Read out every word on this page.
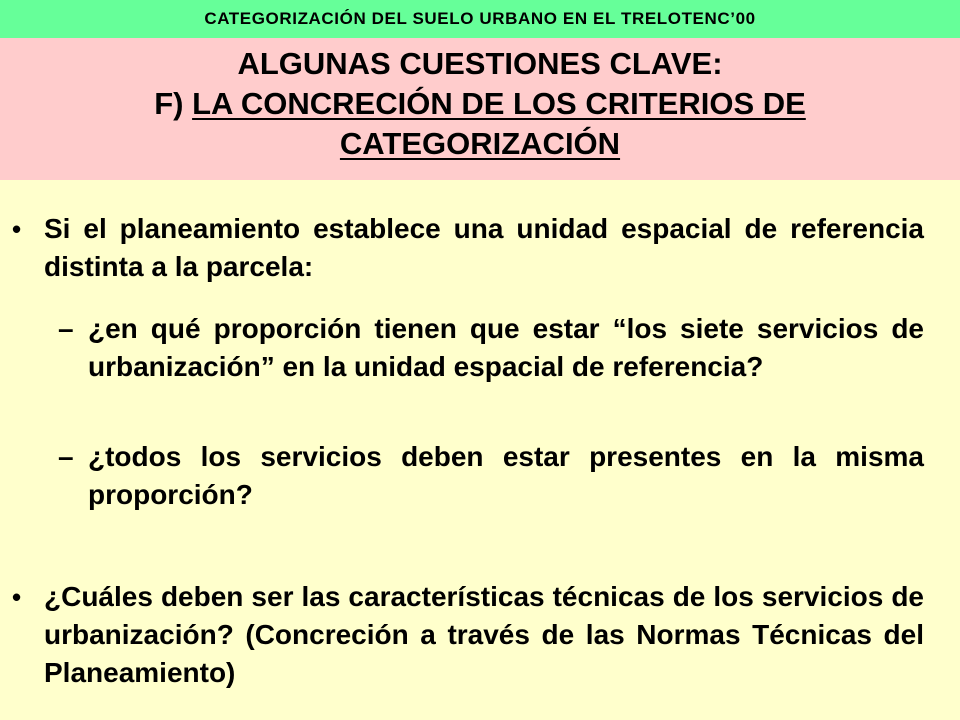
CATEGORIZACIÓN DEL SUELO URBANO EN EL TRELOTENC’00
ALGUNAS CUESTIONES CLAVE:
F) LA CONCRECIÓN DE LOS CRITERIOS DE
CATEGORIZACIÓN
• Si el planeamiento establece una unidad espacial de referencia distinta a la parcela:
– ¿en qué proporción tienen que estar “los siete servicios de urbanización” en la unidad espacial de referencia?
– ¿todos los servicios deben estar presentes en la misma proporción?
• ¿Cuáles deben ser las características técnicas de los servicios de urbanización? (Concreción a través de las Normas Técnicas del Planeamiento)
